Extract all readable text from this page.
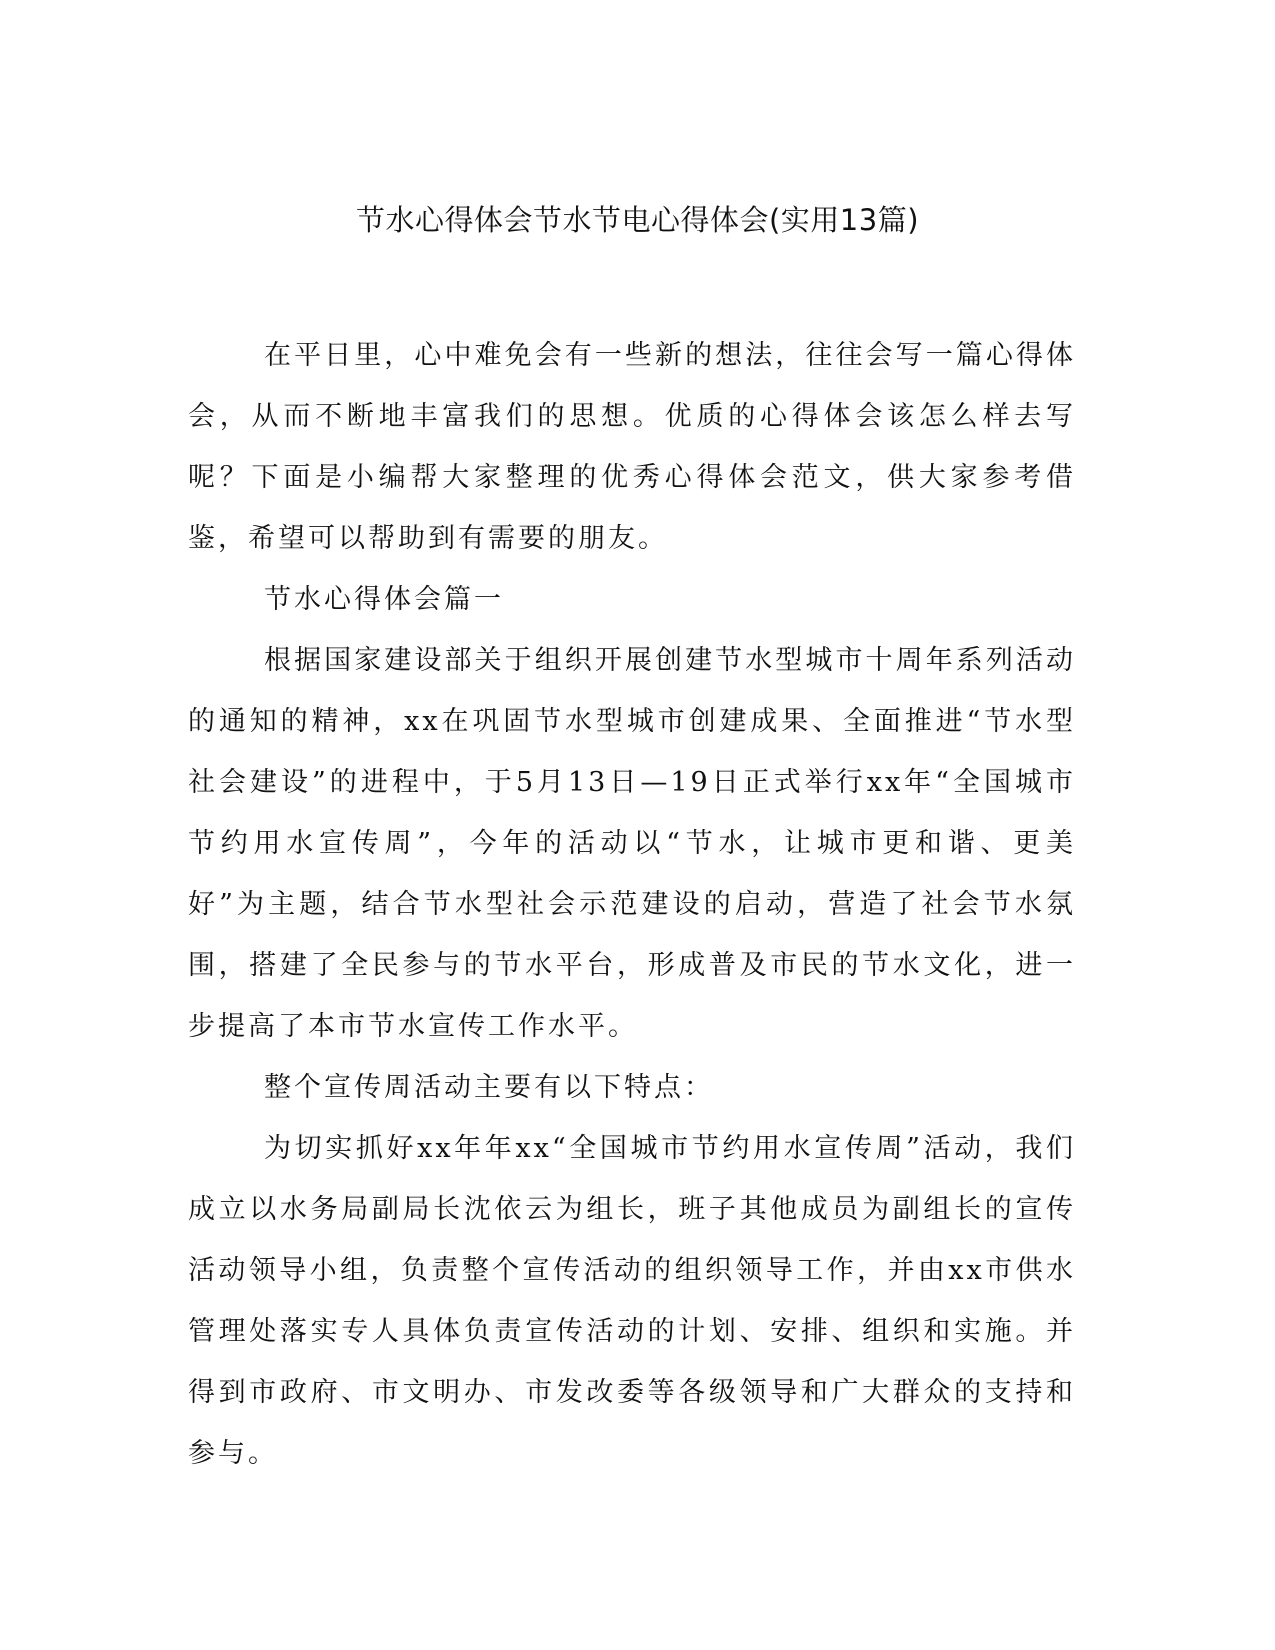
节水心得体会节水节电心得体会(实用13篇)

在平日里，心中难免会有一些新的想法，往往会写一篇心得体会，从而不断地丰富我们的思想。优质的心得体会该怎么样去写呢？下面是小编帮大家整理的优秀心得体会范文，供大家参考借鉴，希望可以帮助到有需要的朋友。

节水心得体会篇一

根据国家建设部关于组织开展创建节水型城市十周年系列活动的通知的精神，xx在巩固节水型城市创建成果、全面推进“节水型社会建设”的进程中，于5月13日—19日正式举行xx年“全国城市节约用水宣传周”，今年的活动以“节水，让城市更和谐、更美好”为主题，结合节水型社会示范建设的启动，营造了社会节水氛围，搭建了全民参与的节水平台，形成普及市民的节水文化，进一步提高了本市节水宣传工作水平。

整个宣传周活动主要有以下特点：

为切实抓好xx年年xx“全国城市节约用水宣传周”活动，我们成立以水务局副局长沈依云为组长，班子其他成员为副组长的宣传活动领导小组，负责整个宣传活动的组织领导工作，并由xx市供水管理处落实专人具体负责宣传活动的计划、安排、组织和实施。并得到市政府、市文明办、市发改委等各级领导和广大群众的支持和参与。
